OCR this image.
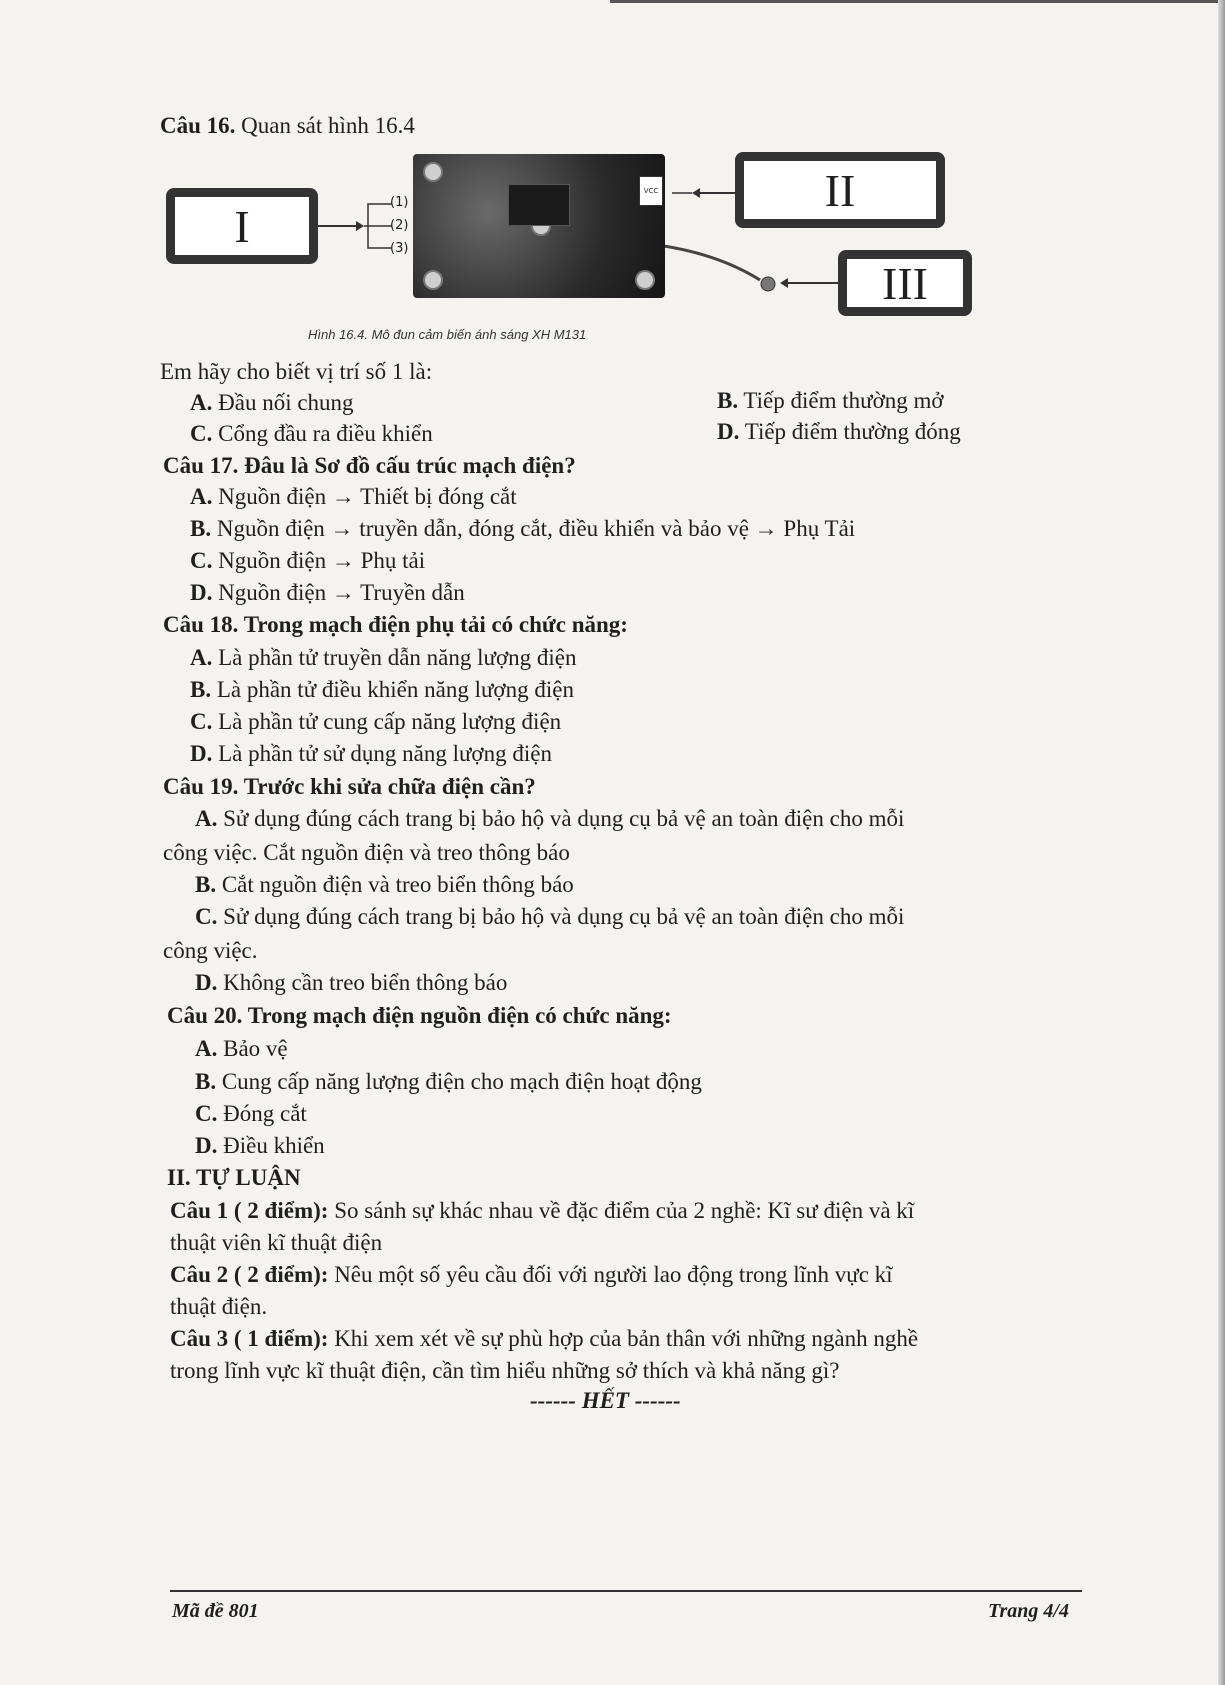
Câu 16. Quan sát hình 16.4
I
II
III
(1)
(2)
(3)
VCC
Hình 16.4. Mô đun cảm biến ánh sáng XH M131
Em hãy cho biết vị trí số 1 là:
A. Đầu nối chung	B. Tiếp điểm thường mở
C. Cổng đầu ra điều khiển	D. Tiếp điểm thường đóng
Câu 17. Đâu là Sơ đồ cấu trúc mạch điện?
A. Nguồn điện → Thiết bị đóng cắt
B. Nguồn điện → truyền dẫn, đóng cắt, điều khiển và bảo vệ → Phụ Tải
C. Nguồn điện → Phụ tải
D. Nguồn điện → Truyền dẫn
Câu 18. Trong mạch điện phụ tải có chức năng:
A. Là phần tử truyền dẫn năng lượng điện
B. Là phần tử điều khiển năng lượng điện
C. Là phần tử cung cấp năng lượng điện
D. Là phần tử sử dụng năng lượng điện
Câu 19. Trước khi sửa chữa điện cần?
A. Sử dụng đúng cách trang bị bảo hộ và dụng cụ bả vệ an toàn điện cho mỗi
công việc. Cắt nguồn điện và treo thông báo
B. Cắt nguồn điện và treo biển thông báo
C. Sử dụng đúng cách trang bị bảo hộ và dụng cụ bả vệ an toàn điện cho mỗi
công việc.
D. Không cần treo biển thông báo
Câu 20. Trong mạch điện nguồn điện có chức năng:
A. Bảo vệ
B. Cung cấp năng lượng điện cho mạch điện hoạt động
C. Đóng cắt
D. Điều khiển
II. TỰ LUẬN
Câu 1 ( 2 điểm): So sánh sự khác nhau về đặc điểm của 2 nghề: Kĩ sư điện và kĩ
thuật viên kĩ thuật điện
Câu 2 ( 2 điểm): Nêu một số yêu cầu đối với người lao động trong lĩnh vực kĩ
thuật điện.
Câu 3 ( 1 điểm): Khi xem xét về sự phù hợp của bản thân với những ngành nghề
trong lĩnh vực kĩ thuật điện, cần tìm hiểu những sở thích và khả năng gì?
------ HẾT ------
Mã đề 801	Trang 4/4
